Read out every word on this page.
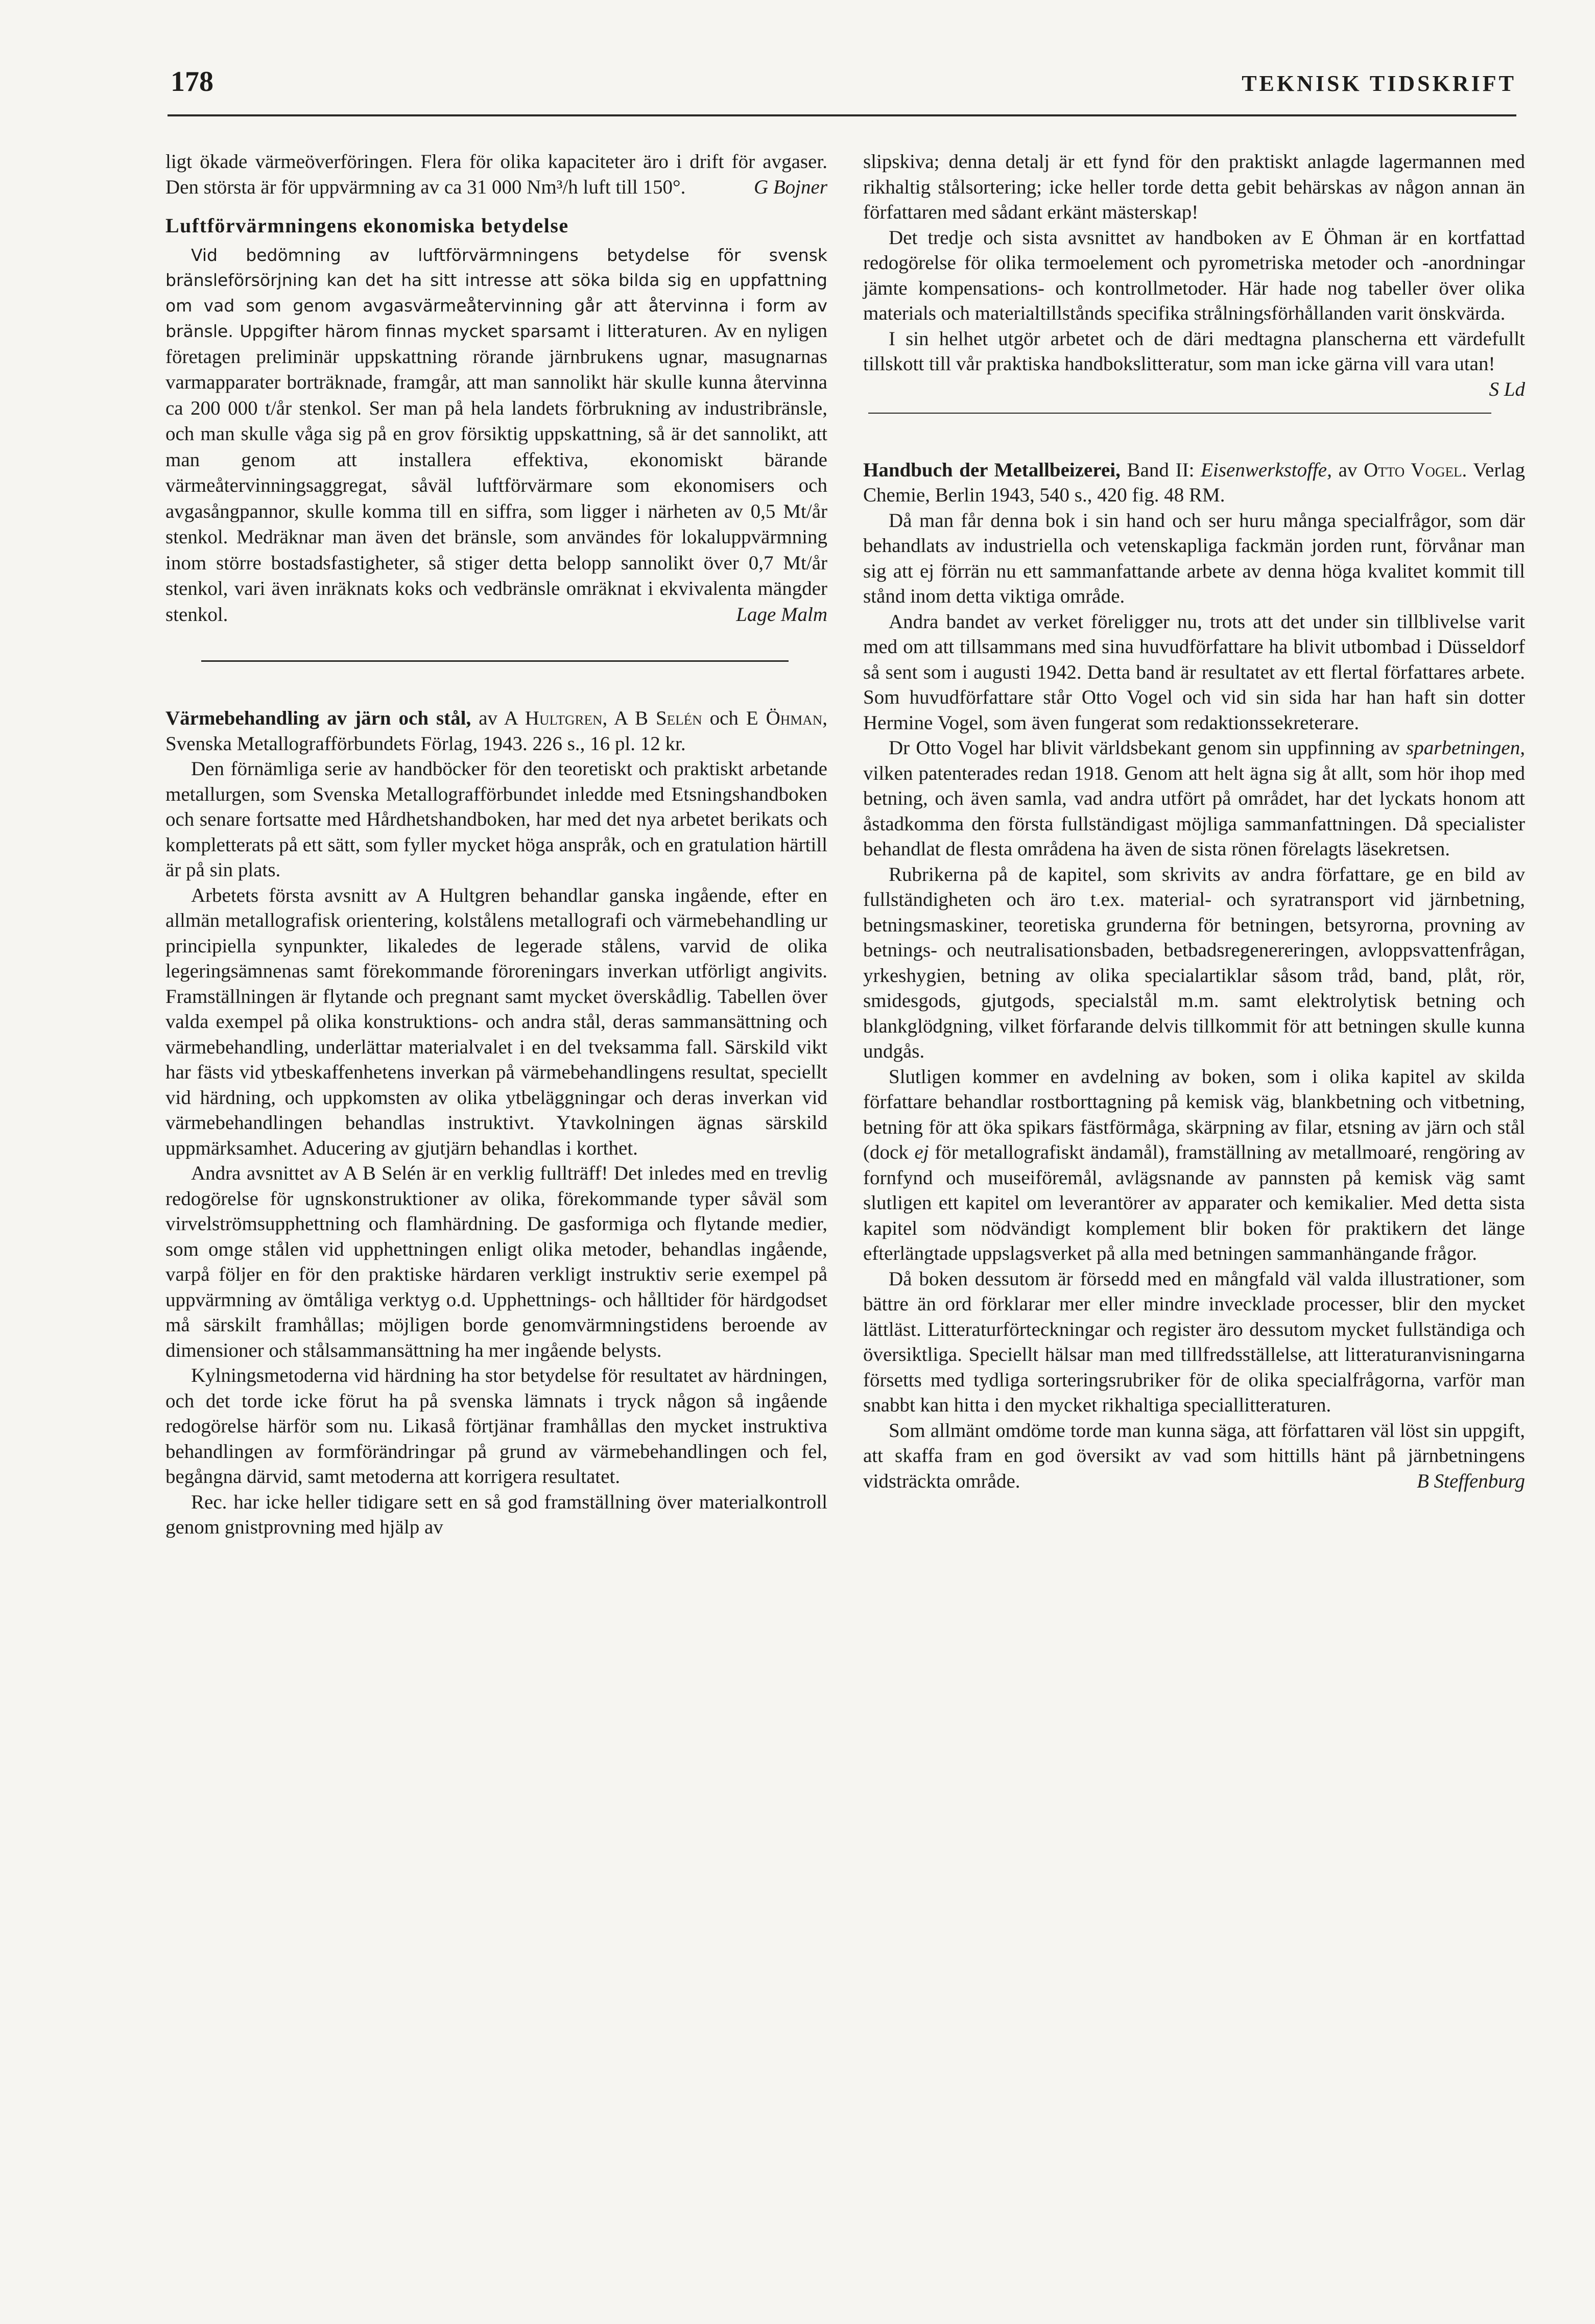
178	TEKNISK TIDSKRIFT

ligt ökade värmeöverföringen. Flera för olika kapaciteter äro i drift för avgaser. Den största är för uppvärmning av ca 31 000 Nm³/h luft till 150°.	G Bojner

Luftförvärmningens ekonomiska betydelse

Vid bedömning av luftförvärmningens betydelse för svensk bränsleförsörjning kan det ha sitt intresse att söka bilda sig en uppfattning om vad som genom avgasvärmeåtervinning går att återvinna i form av bränsle. Uppgifter härom finnas mycket sparsamt i litteraturen. Av en nyligen företagen preliminär uppskattning rörande järnbrukens ugnar, masugnarnas varmapparater borträknade, framgår, att man sannolikt här skulle kunna återvinna ca 200 000 t/år stenkol. Ser man på hela landets förbrukning av industribränsle, och man skulle våga sig på en grov försiktig uppskattning, så är det sannolikt, att man genom att installera effektiva, ekonomiskt bärande värmeåtervinningsaggregat, såväl luftförvärmare som ekonomisers och avgasångpannor, skulle komma till en siffra, som ligger i närheten av 0,5 Mt/år stenkol. Medräknar man även det bränsle, som användes för lokaluppvärmning inom större bostadsfastigheter, så stiger detta belopp sannolikt över 0,7 Mt/år stenkol, vari även inräknats koks och vedbränsle omräknat i ekvivalenta mängder stenkol.	Lage Malm

Värmebehandling av järn och stål, av A Hultgren, A B Selén och E Öhman, Svenska Metallografförbundets Förlag, 1943. 226 s., 16 pl. 12 kr.

Den förnämliga serie av handböcker för den teoretiskt och praktiskt arbetande metallurgen, som Svenska Metallografförbundet inledde med Etsningshandboken och senare fortsatte med Hårdhetshandboken, har med det nya arbetet berikats och kompletterats på ett sätt, som fyller mycket höga anspråk, och en gratulation härtill är på sin plats.

Arbetets första avsnitt av A Hultgren behandlar ganska ingående, efter en allmän metallografisk orientering, kolstålens metallografi och värmebehandling ur principiella synpunkter, likaledes de legerade stålens, varvid de olika legeringsämnenas samt förekommande föroreningars inverkan utförligt angivits. Framställningen är flytande och pregnant samt mycket överskådlig. Tabellen över valda exempel på olika konstruktions- och andra stål, deras sammansättning och värmebehandling, underlättar materialvalet i en del tveksamma fall. Särskild vikt har fästs vid ytbeskaffenhetens inverkan på värmebehandlingens resultat, speciellt vid härdning, och uppkomsten av olika ytbeläggningar och deras inverkan vid värmebehandlingen behandlas instruktivt. Ytavkolningen ägnas särskild uppmärksamhet. Aducering av gjutjärn behandlas i korthet.

Andra avsnittet av A B Selén är en verklig fullträff! Det inledes med en trevlig redogörelse för ugnskonstruktioner av olika, förekommande typer såväl som virvelströmsupphettning och flamhärdning. De gasformiga och flytande medier, som omge stålen vid upphettningen enligt olika metoder, behandlas ingående, varpå följer en för den praktiske härdaren verkligt instruktiv serie exempel på uppvärmning av ömtåliga verktyg o.d. Upphettnings- och hålltider för härdgodset må särskilt framhållas; möjligen borde genomvärmningstidens beroende av dimensioner och stålsammansättning ha mer ingående belysts.

Kylningsmetoderna vid härdning ha stor betydelse för resultatet av härdningen, och det torde icke förut ha på svenska lämnats i tryck någon så ingående redogörelse härför som nu. Likaså förtjänar framhållas den mycket instruktiva behandlingen av formförändringar på grund av värmebehandlingen och fel, begångna därvid, samt metoderna att korrigera resultatet.

Rec. har icke heller tidigare sett en så god framställning över materialkontroll genom gnistprovning med hjälp av

slipskiva; denna detalj är ett fynd för den praktiskt anlagde lagermannen med rikhaltig stålsortering; icke heller torde detta gebit behärskas av någon annan än författaren med sådant erkänt mästerskap!

Det tredje och sista avsnittet av handboken av E Öhman är en kortfattad redogörelse för olika termoelement och pyrometriska metoder och -anordningar jämte kompensations- och kontrollmetoder. Här hade nog tabeller över olika materials och materialtillstånds specifika strålningsförhållanden varit önskvärda.

I sin helhet utgör arbetet och de däri medtagna planscherna ett värdefullt tillskott till vår praktiska handbokslitteratur, som man icke gärna vill vara utan!
S Ld

Handbuch der Metallbeizerei, Band II: Eisenwerkstoffe, av Otto Vogel. Verlag Chemie, Berlin 1943, 540 s., 420 fig. 48 RM.

Då man får denna bok i sin hand och ser huru många specialfrågor, som där behandlats av industriella och vetenskapliga fackmän jorden runt, förvånar man sig att ej förrän nu ett sammanfattande arbete av denna höga kvalitet kommit till stånd inom detta viktiga område.

Andra bandet av verket föreligger nu, trots att det under sin tillblivelse varit med om att tillsammans med sina huvudförfattare ha blivit utbombad i Düsseldorf så sent som i augusti 1942. Detta band är resultatet av ett flertal författares arbete. Som huvudförfattare står Otto Vogel och vid sin sida har han haft sin dotter Hermine Vogel, som även fungerat som redaktionssekreterare.

Dr Otto Vogel har blivit världsbekant genom sin uppfinning av sparbetningen, vilken patenterades redan 1918. Genom att helt ägna sig åt allt, som hör ihop med betning, och även samla, vad andra utfört på området, har det lyckats honom att åstadkomma den första fullständigast möjliga sammanfattningen. Då specialister behandlat de flesta områdena ha även de sista rönen förelagts läsekretsen.

Rubrikerna på de kapitel, som skrivits av andra författare, ge en bild av fullständigheten och äro t.ex. material- och syratransport vid järnbetning, betningsmaskiner, teoretiska grunderna för betningen, betsyrorna, provning av betnings- och neutralisationsbaden, betbadsregenereringen, avloppsvattenfrågan, yrkeshygien, betning av olika specialartiklar såsom tråd, band, plåt, rör, smidesgods, gjutgods, specialstål m.m. samt elektrolytisk betning och blankglödgning, vilket förfarande delvis tillkommit för att betningen skulle kunna undgås.

Slutligen kommer en avdelning av boken, som i olika kapitel av skilda författare behandlar rostborttagning på kemisk väg, blankbetning och vitbetning, betning för att öka spikars fästförmåga, skärpning av filar, etsning av järn och stål (dock ej för metallografiskt ändamål), framställning av metallmoaré, rengöring av fornfynd och museiföremål, avlägsnande av pannsten på kemisk väg samt slutligen ett kapitel om leverantörer av apparater och kemikalier. Med detta sista kapitel som nödvändigt komplement blir boken för praktikern det länge efterlängtade uppslagsverket på alla med betningen sammanhängande frågor.

Då boken dessutom är försedd med en mångfald väl valda illustrationer, som bättre än ord förklarar mer eller mindre invecklade processer, blir den mycket lättläst. Litteraturförteckningar och register äro dessutom mycket fullständiga och översiktliga. Speciellt hälsar man med tillfredsställelse, att litteraturanvisningarna försetts med tydliga sorteringsrubriker för de olika specialfrågorna, varför man snabbt kan hitta i den mycket rikhaltiga speciallitteraturen.

Som allmänt omdöme torde man kunna säga, att författaren väl löst sin uppgift, att skaffa fram en god översikt av vad som hittills hänt på järnbetningens vidsträckta område.	B Steffenburg
